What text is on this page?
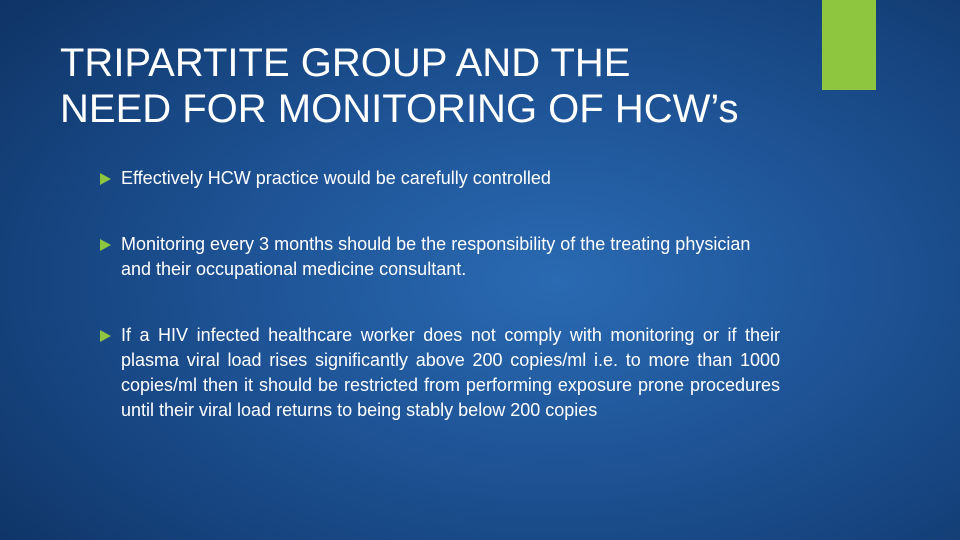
TRIPARTITE GROUP AND THE
NEED FOR MONITORING OF HCW’s
Effectively HCW practice would be carefully controlled
Monitoring every 3 months should be the responsibility of the treating physician and their occupational medicine consultant.
If a HIV infected healthcare worker does not comply with monitoring or if their plasma viral load rises significantly above 200 copies/ml i.e. to more than 1000 copies/ml then it should be restricted from performing exposure prone procedures until their viral load returns to being stably below 200 copies
